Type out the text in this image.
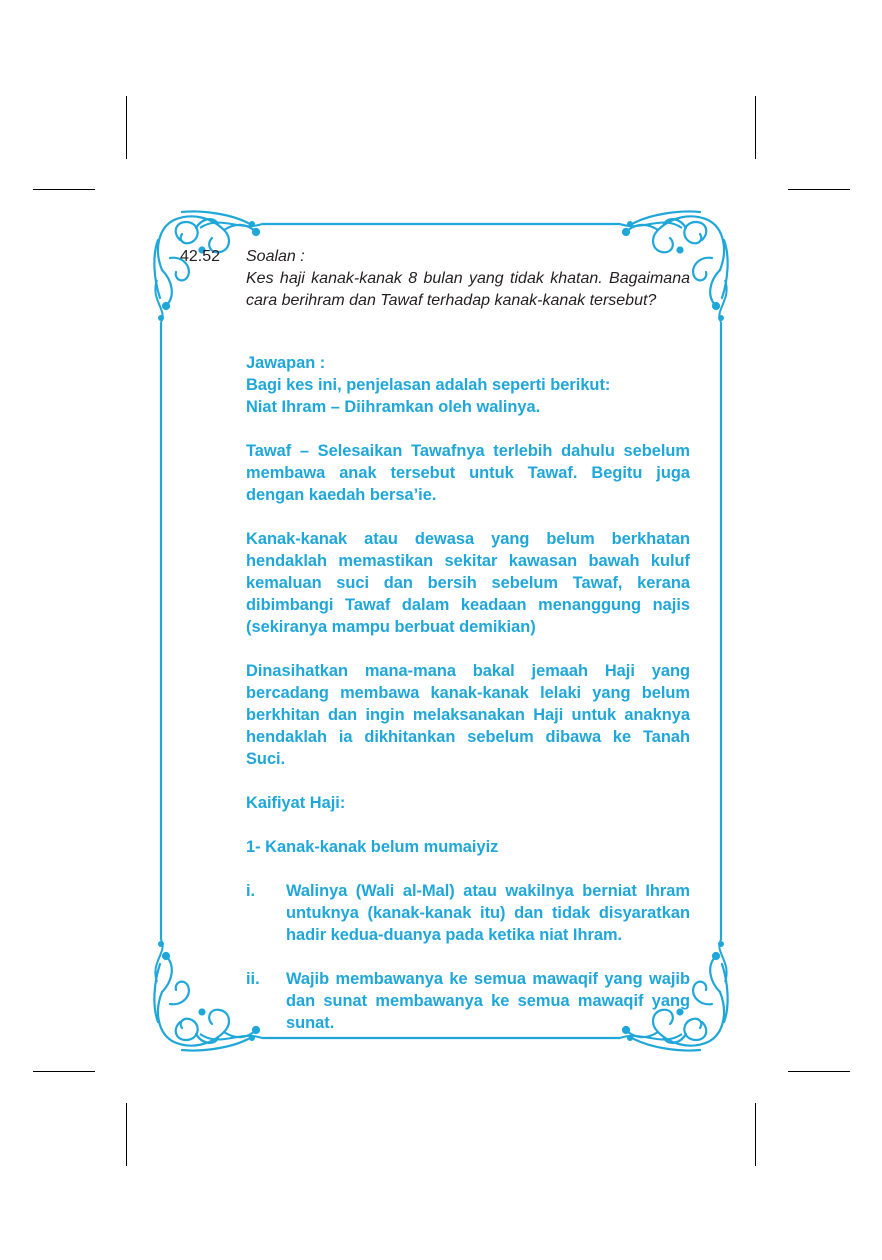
42.52	Soalan :
Kes haji kanak-kanak 8 bulan yang tidak khatan. Bagaimana cara berihram dan Tawaf terhadap kanak-kanak tersebut?

Jawapan :

Bagi kes ini, penjelasan adalah seperti berikut:

Niat Ihram – Diihramkan oleh walinya.

Tawaf – Selesaikan Tawafnya terlebih dahulu sebelum membawa anak tersebut untuk Tawaf. Begitu juga dengan kaedah bersa’ie.

Kanak-kanak atau dewasa yang belum berkhatan hendaklah memastikan sekitar kawasan bawah kuluf kemaluan suci dan bersih sebelum Tawaf, kerana dibimbangi Tawaf dalam keadaan menanggung najis (sekiranya mampu berbuat demikian)

Dinasihatkan mana-mana bakal jemaah Haji yang bercadang membawa kanak-kanak lelaki yang belum berkhitan dan ingin melaksanakan Haji untuk anaknya hendaklah ia dikhitankan sebelum dibawa ke Tanah Suci.

Kaifiyat Haji:

1- Kanak-kanak belum mumaiyiz

i.	Walinya (Wali al-Mal) atau wakilnya berniat Ihram untuknya (kanak-kanak itu) dan tidak disyaratkan hadir kedua-duanya pada ketika niat Ihram.
ii.	Wajib membawanya ke semua mawaqif yang wajib dan sunat membawanya ke semua mawaqif yang sunat.
